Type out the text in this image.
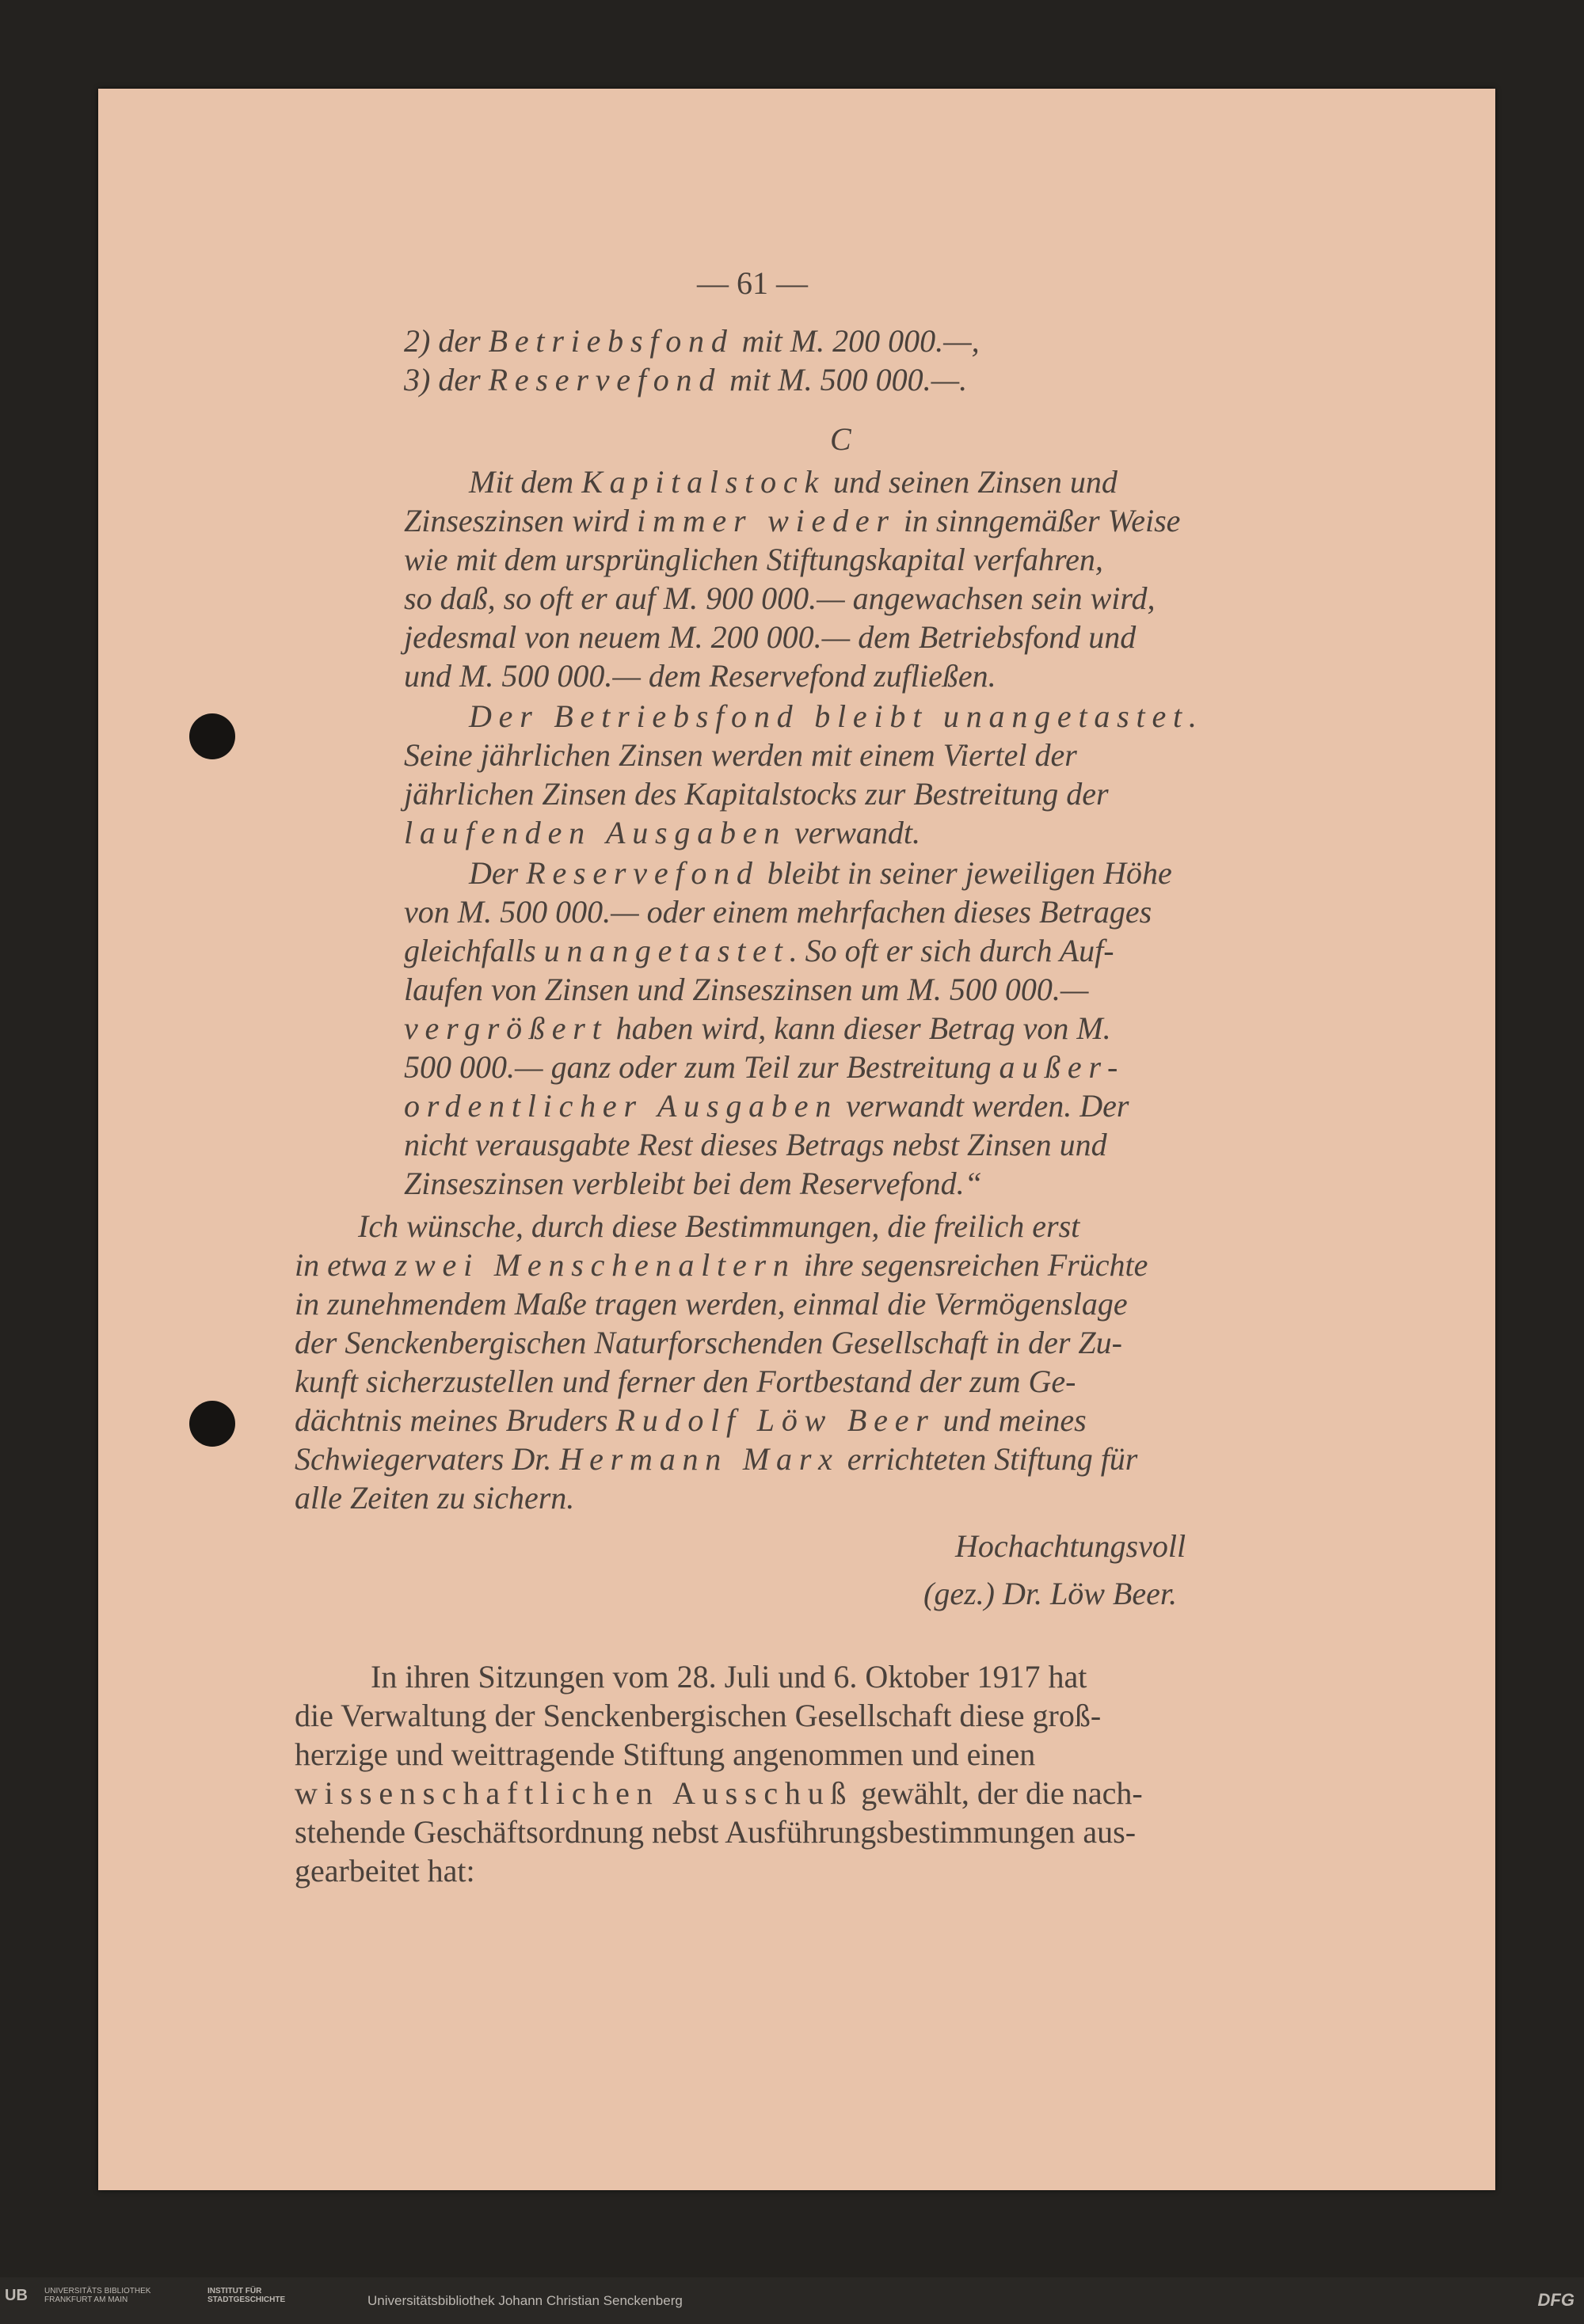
— 61 —
2) der Betriebsfond mit M. 200 000.—,
3) der Reservefond mit M. 500 000.—.
C
Mit dem Kapitalstock und seinen Zinsen und
Zinseszinsen wird immer wieder in sinngemäßer Weise
wie mit dem ursprünglichen Stiftungskapital verfahren,
so daß, so oft er auf M. 900 000.— angewachsen sein wird,
jedesmal von neuem M. 200 000.— dem Betriebsfond und
und M. 500 000.— dem Reservefond zufließen.
Der Betriebsfond bleibt unangetastet.
Seine jährlichen Zinsen werden mit einem Viertel der
jährlichen Zinsen des Kapitalstocks zur Bestreitung der
laufenden Ausgaben verwandt.
Der Reservefond bleibt in seiner jeweiligen Höhe
von M. 500 000.— oder einem mehrfachen dieses Betrages
gleichfalls unangetastet. So oft er sich durch Auf-
laufen von Zinsen und Zinseszinsen um M. 500 000.—
vergrößert haben wird, kann dieser Betrag von M.
500 000.— ganz oder zum Teil zur Bestreitung außer-
ordentlicher Ausgaben verwandt werden. Der
nicht verausgabte Rest dieses Betrags nebst Zinsen und
Zinseszinsen verbleibt bei dem Reservefond.“
Ich wünsche, durch diese Bestimmungen, die freilich erst
in etwa zwei Menschenaltern ihre segensreichen Früchte
in zunehmendem Maße tragen werden, einmal die Vermögenslage
der Senckenbergischen Naturforschenden Gesellschaft in der Zu-
kunft sicherzustellen und ferner den Fortbestand der zum Ge-
dächtnis meines Bruders Rudolf Löw Beer und meines
Schwiegervaters Dr. Hermann Marx errichteten Stiftung für
alle Zeiten zu sichern.
Hochachtungsvoll
(gez.) Dr. Löw Beer.
In ihren Sitzungen vom 28. Juli und 6. Oktober 1917 hat
die Verwaltung der Senckenbergischen Gesellschaft diese groß-
herzige und weittragende Stiftung angenommen und einen
wissenschaftlichen Ausschuß gewählt, der die nach-
stehende Geschäftsordnung nebst Ausführungsbestimmungen aus-
gearbeitet hat:
UB UNIVERSITÄTS BIBLIOTHEK FRANKFURT AM MAIN
INSTITUT FÜR STADTGESCHICHTE	Universitätsbibliothek Johann Christian Senckenberg	DFG
